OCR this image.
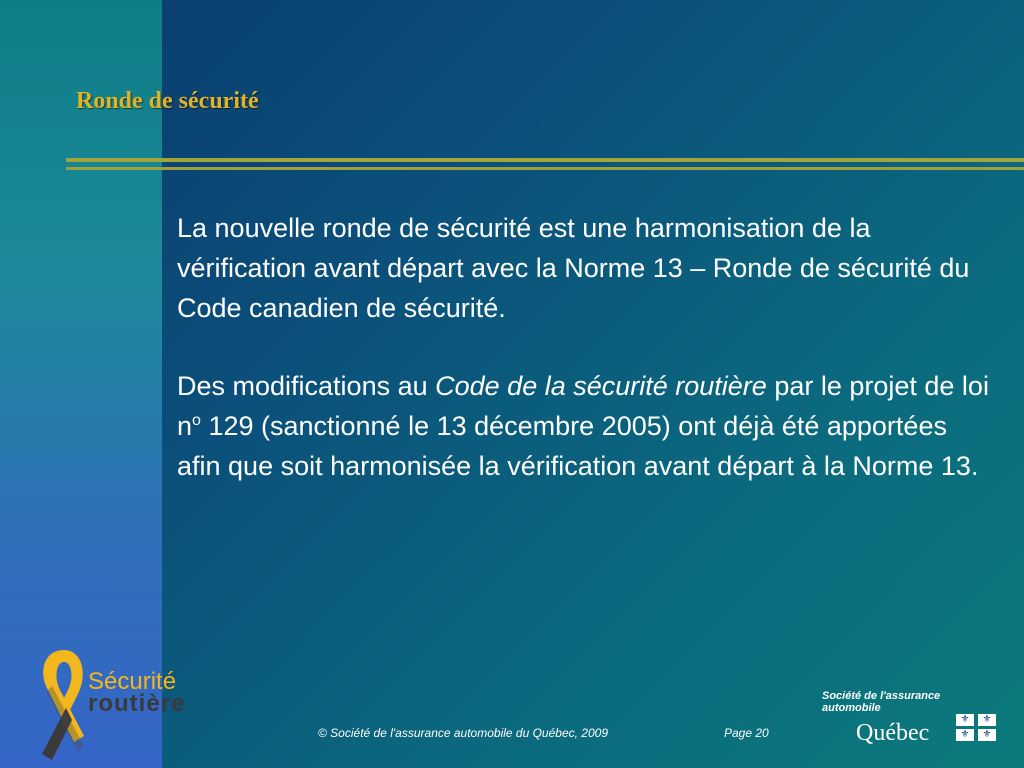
Ronde de sécurité

La nouvelle ronde de sécurité est une harmonisation de la vérification avant départ avec la Norme 13 – Ronde de sécurité du Code canadien de sécurité.

Des modifications au Code de la sécurité routière par le projet de loi $n^o$ 129 (sanctionné le 13 décembre 2005) ont déjà été apportées afin que soit harmonisée la vérification avant départ à la Norme 13.

Sécurité
routière
© Société de l'assurance automobile du Québec, 2009	Page 20

Société de l'assurance

automobile

Québec
⚜	⚜
⚜	⚜
